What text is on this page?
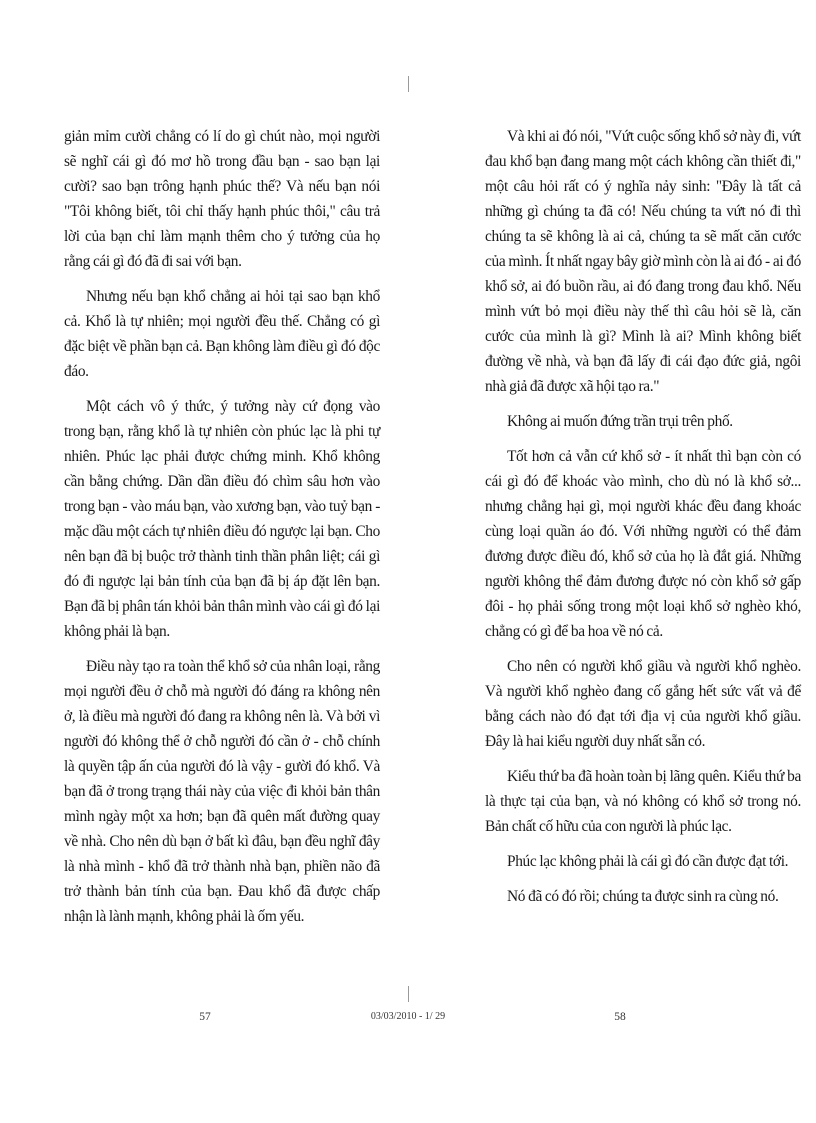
giản mỉm cười chẳng có lí do gì chút nào, mọi người sẽ nghĩ cái gì đó mơ hồ trong đầu bạn - sao bạn lại cười? sao bạn trông hạnh phúc thế? Và nếu bạn nói "Tôi không biết, tôi chỉ thấy hạnh phúc thôi," câu trả lời của bạn chỉ làm mạnh thêm cho ý tưởng của họ rằng cái gì đó đã đi sai với bạn.

Nhưng nếu bạn khổ chẳng ai hỏi tại sao bạn khổ cả. Khổ là tự nhiên; mọi người đều thế. Chẳng có gì đặc biệt về phần bạn cả. Bạn không làm điều gì đó độc đáo.

Một cách vô ý thức, ý tưởng này cứ đọng vào trong bạn, rằng khổ là tự nhiên còn phúc lạc là phi tự nhiên. Phúc lạc phải được chứng minh. Khổ không cần bằng chứng. Dần dần điều đó chìm sâu hơn vào trong bạn - vào máu bạn, vào xương bạn, vào tuỷ bạn - mặc dầu một cách tự nhiên điều đó ngược lại bạn. Cho nên bạn đã bị buộc trở thành tinh thần phân liệt; cái gì đó đi ngược lại bản tính của bạn đã bị áp đặt lên bạn. Bạn đã bị phân tán khỏi bản thân mình vào cái gì đó lại không phải là bạn.

Điều này tạo ra toàn thể khổ sở của nhân loại, rằng mọi người đều ở chỗ mà người đó đáng ra không nên ở, là điều mà người đó đang ra không nên là. Và bởi vì người đó không thể ở chỗ người đó cần ở - chỗ chính là quyền tập ấn của người đó là vậy - gười đó khổ. Và bạn đã ở trong trạng thái này của việc đi khỏi bản thân mình ngày một xa hơn; bạn đã quên mất đường quay về nhà. Cho nên dù bạn ở bất kì đâu, bạn đều nghĩ đây là nhà mình - khổ đã trở thành nhà bạn, phiền não đã trở thành bản tính của bạn. Đau khổ đã được chấp nhận là lành mạnh, không phải là ốm yếu.

Và khi ai đó nói, "Vứt cuộc sống khổ sở này đi, vứt đau khổ bạn đang mang một cách không cần thiết đi," một câu hỏi rất có ý nghĩa nảy sinh: "Đây là tất cả những gì chúng ta đã có! Nếu chúng ta vứt nó đi thì chúng ta sẽ không là ai cả, chúng ta sẽ mất căn cước của mình. Ít nhất ngay bây giờ mình còn là ai đó - ai đó khổ sở, ai đó buồn rầu, ai đó đang trong đau khổ. Nếu mình vứt bỏ mọi điều này thế thì câu hỏi sẽ là, căn cước của mình là gì? Mình là ai? Mình không biết đường về nhà, và bạn đã lấy đi cái đạo đức giả, ngôi nhà giả đã được xã hội tạo ra."

Không ai muốn đứng trần trụi trên phố.

Tốt hơn cả vẫn cứ khổ sở - ít nhất thì bạn còn có cái gì đó để khoác vào mình, cho dù nó là khổ sở... nhưng chẳng hại gì, mọi người khác đều đang khoác cùng loại quần áo đó. Với những người có thể đảm đương được điều đó, khổ sở của họ là đắt giá. Những người không thể đảm đương được nó còn khổ sở gấp đôi - họ phải sống trong một loại khổ sở nghèo khó, chẳng có gì để ba hoa về nó cả.

Cho nên có người khổ giầu và người khổ nghèo. Và người khổ nghèo đang cố gắng hết sức vất vả để bằng cách nào đó đạt tới địa vị của người khổ giầu. Đây là hai kiểu người duy nhất sẵn có.

Kiểu thứ ba đã hoàn toàn bị lãng quên. Kiểu thứ ba là thực tại của bạn, và nó không có khổ sở trong nó. Bản chất cố hữu của con người là phúc lạc.

Phúc lạc không phải là cái gì đó cần được đạt tới.

Nó đã có đó rồi; chúng ta được sinh ra cùng nó.

57	03/03/2010 - 1/ 29	58
